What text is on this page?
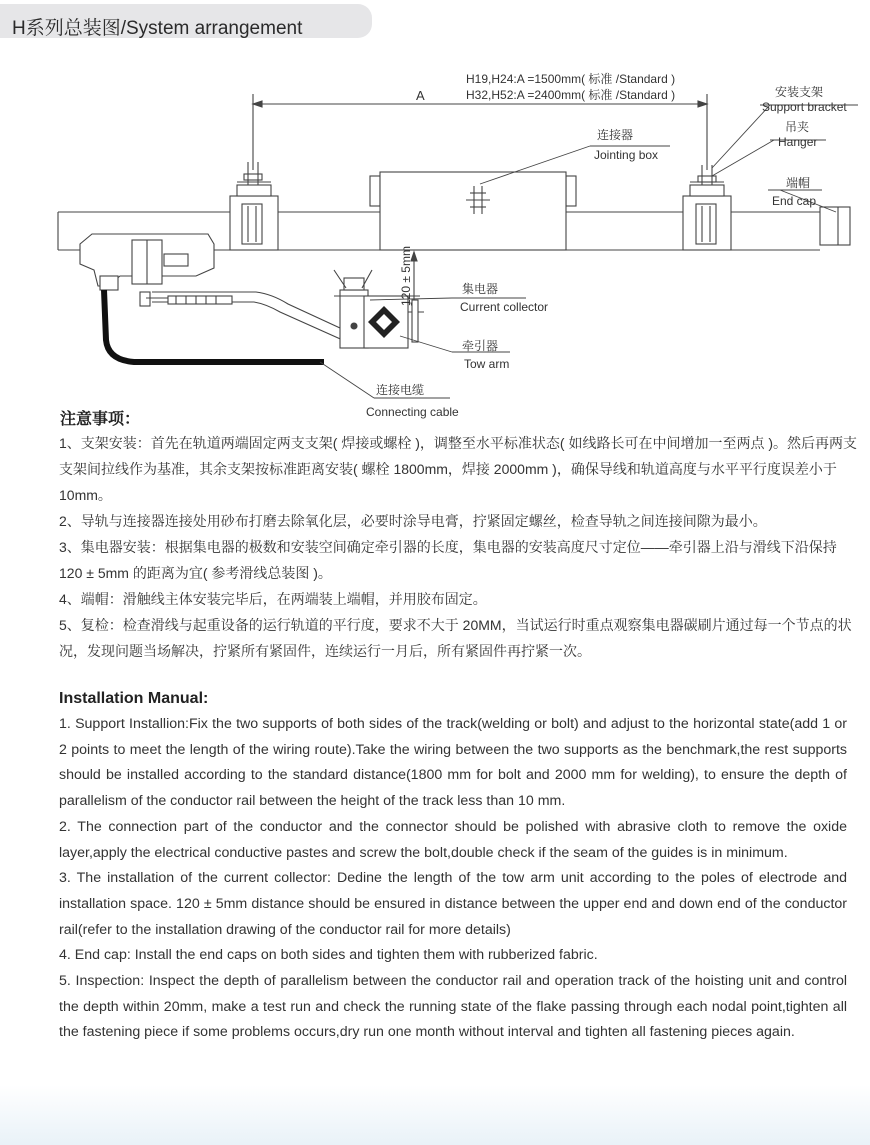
H系列总装图/System arrangement
H19,H24:A =1500mm( 标准 /Standard )
H32,H52:A =2400mm( 标准 /Standard )
A
连接器
Jointing box
安装支架
Support bracket
吊夹
Hanger
端帽
End cap
120 ± 5mm	集电器
Current collector
牵引器
Tow arm
连接电缆
Connecting cable
注意事项：

1、支架安装：首先在轨道两端固定两支支架( 焊接或螺栓 )，调整至水平标准状态( 如线路长可在中间增加一至两点 )。然后再两支支架间拉线作为基准，其余支架按标准距离安装( 螺栓 1800mm，焊接 2000mm )，确保导线和轨道高度与水平平行度误差小于 10mm。

2、导轨与连接器连接处用砂布打磨去除氧化层，必要时涂导电膏，拧紧固定螺丝，检查导轨之间连接间隙为最小。

3、集电器安装：根据集电器的极数和安装空间确定牵引器的长度，集电器的安装高度尺寸定位——牵引器上沿与滑线下沿保持 120 ± 5mm 的距离为宜( 参考滑线总装图 )。

4、端帽：滑触线主体安装完毕后，在两端装上端帽，并用胶布固定。

5、复检：检查滑线与起重设备的运行轨道的平行度，要求不大于 20MM，当试运行时重点观察集电器碳刷片通过每一个节点的状况，发现问题当场解决，拧紧所有紧固件，连续运行一月后，所有紧固件再拧紧一次。

Installation Manual:

1. Support Installion:Fix the two supports of both sides of the track(welding or bolt) and adjust to the horizontal state(add 1 or 2 points to meet the length of the wiring route).Take the wiring between the two supports as the benchmark,the rest supports should be installed according to the standard distance(1800 mm for bolt and 2000 mm for welding), to ensure the depth of parallelism of the conductor rail between the height of the track less than 10 mm.

2. The connection part of the conductor and the connector should be polished with abrasive cloth to remove the oxide layer,apply the electrical conductive pastes and screw the bolt,double check if the seam of the guides is in minimum.

3. The installation of the current collector: Dedine the length of the tow arm unit according to the poles of electrode and installation space. 120 ± 5mm distance should be ensured in distance between the upper end and down end of the conductor rail(refer to the installation drawing of the conductor rail for more details)

4. End cap: Install the end caps on both sides and tighten them with rubberized fabric.

5. Inspection: Inspect the depth of parallelism between the conductor rail and operation track of the hoisting unit and control the depth within 20mm, make a test run and check the running state of the flake passing through each nodal point,tighten all the fastening piece if some problems occurs,dry run one month without interval and tighten all fastening pieces again.
